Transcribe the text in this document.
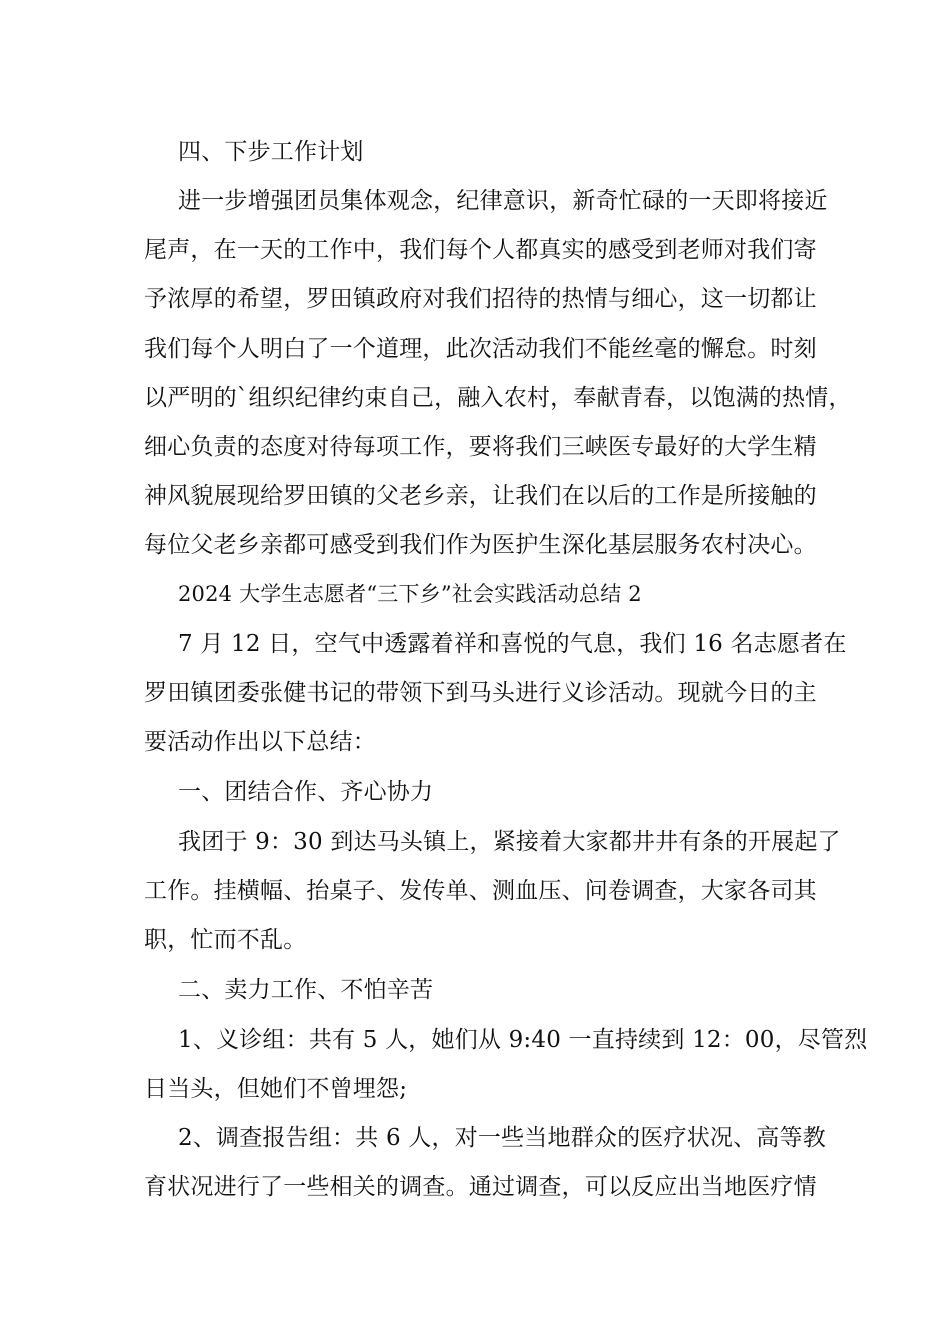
四、下步工作计划
进一步增强团员集体观念，纪律意识，新奇忙碌的一天即将接近
尾声，在一天的工作中，我们每个人都真实的感受到老师对我们寄
予浓厚的希望，罗田镇政府对我们招待的热情与细心，这一切都让
我们每个人明白了一个道理，此次活动我们不能丝毫的懈怠。时刻
以严明的`组织纪律约束自己，融入农村，奉献青春，以饱满的热情，
细心负责的态度对待每项工作，要将我们三峡医专最好的大学生精
神风貌展现给罗田镇的父老乡亲，让我们在以后的工作是所接触的
每位父老乡亲都可感受到我们作为医护生深化基层服务农村决心。
2024 大学生志愿者“三下乡”社会实践活动总结 2
7 月 12 日，空气中透露着祥和喜悦的气息，我们 16 名志愿者在
罗田镇团委张健书记的带领下到马头进行义诊活动。现就今日的主
要活动作出以下总结：
一、团结合作、齐心协力
我团于 9：30 到达马头镇上，紧接着大家都井井有条的开展起了
工作。挂横幅、抬桌子、发传单、测血压、问卷调查，大家各司其
职，忙而不乱。
二、卖力工作、不怕辛苦
1、义诊组：共有 5 人，她们从 9:40 一直持续到 12：00，尽管烈
日当头，但她们不曾埋怨;
2、调查报告组：共 6 人，对一些当地群众的医疗状况、高等教
育状况进行了一些相关的调查。通过调查，可以反应出当地医疗情
